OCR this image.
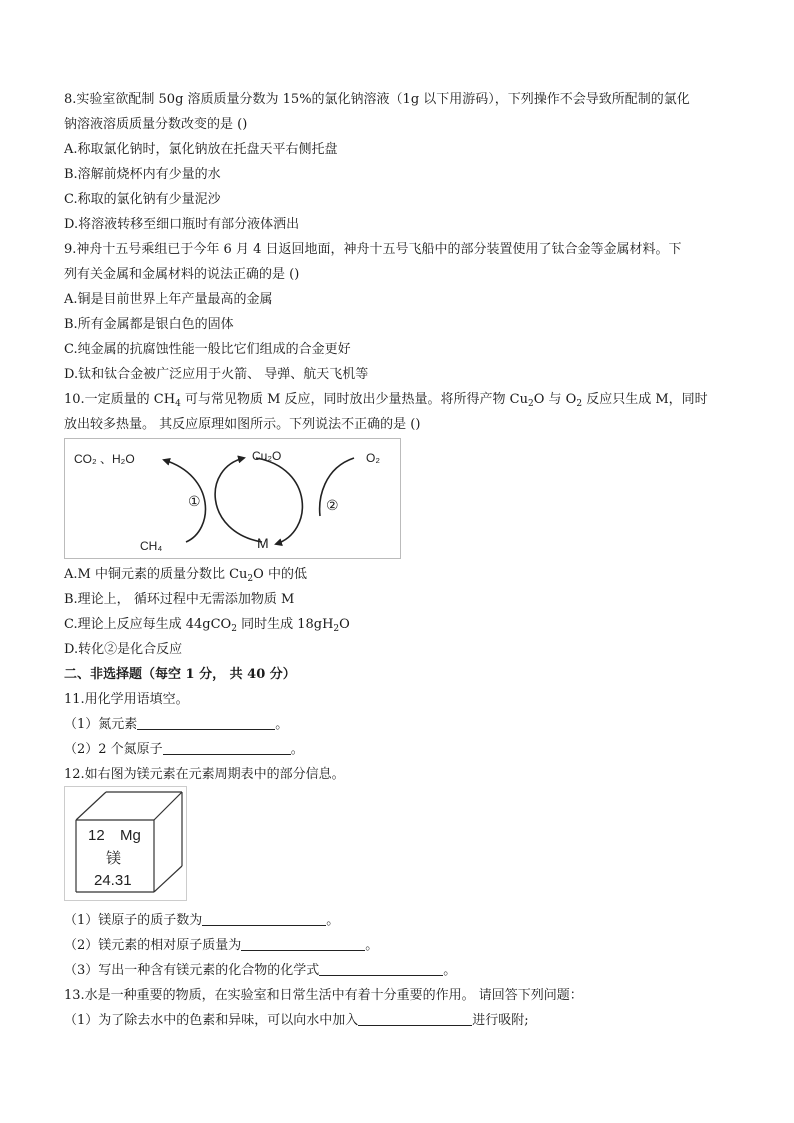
8.实验室欲配制 50g 溶质质量分数为 15%的氯化钠溶液（1g 以下用游码），下列操作不会导致所配制的氯化
钠溶液溶质质量分数改变的是 ()
A.称取氯化钠时，氯化钠放在托盘天平右侧托盘
B.溶解前烧杯内有少量的水
C.称取的氯化钠有少量泥沙
D.将溶液转移至细口瓶时有部分液体洒出
9.神舟十五号乘组已于今年 6 月 4 日返回地面，神舟十五号飞船中的部分装置使用了钛合金等金属材料。下
列有关金属和金属材料的说法正确的是 ()
A.铜是目前世界上年产量最高的金属
B.所有金属都是银白色的固体
C.纯金属的抗腐蚀性能一般比它们组成的合金更好
D.钛和钛合金被广泛应用于火箭、 导弹、航天飞机等
10.一定质量的 $CH_4$ 可与常见物质 M 反应，同时放出少量热量。将所得产物 $Cu_2O$ 与 $O_2$ 反应只生成 M，同时
放出较多热量。 其反应原理如图所示。下列说法不正确的是 ()
CO₂ 、H₂O	Cu₂O	O₂
CH₄	M
①	②
A.M 中铜元素的质量分数比 $Cu_2O$ 中的低
B.理论上， 循环过程中无需添加物质 M
C.理论上反应每生成 44gCO$_2$ 同时生成 $18gH_2O$
D.转化②是化合反应
二、非选择题（每空 1 分， 共 40 分）
11.用化学用语填空。
（1）氮元素	。
（2）2 个氮原子	。
12.如右图为镁元素在元素周期表中的部分信息。
12 Mg
镁
24.31
（1）镁原子的质子数为	。
（2）镁元素的相对原子质量为	。
（3）写出一种含有镁元素的化合物的化学式	。
13.水是一种重要的物质，在实验室和日常生活中有着十分重要的作用。 请回答下列问题：
（1）为了除去水中的色素和异味，可以向水中加入	进行吸附;
